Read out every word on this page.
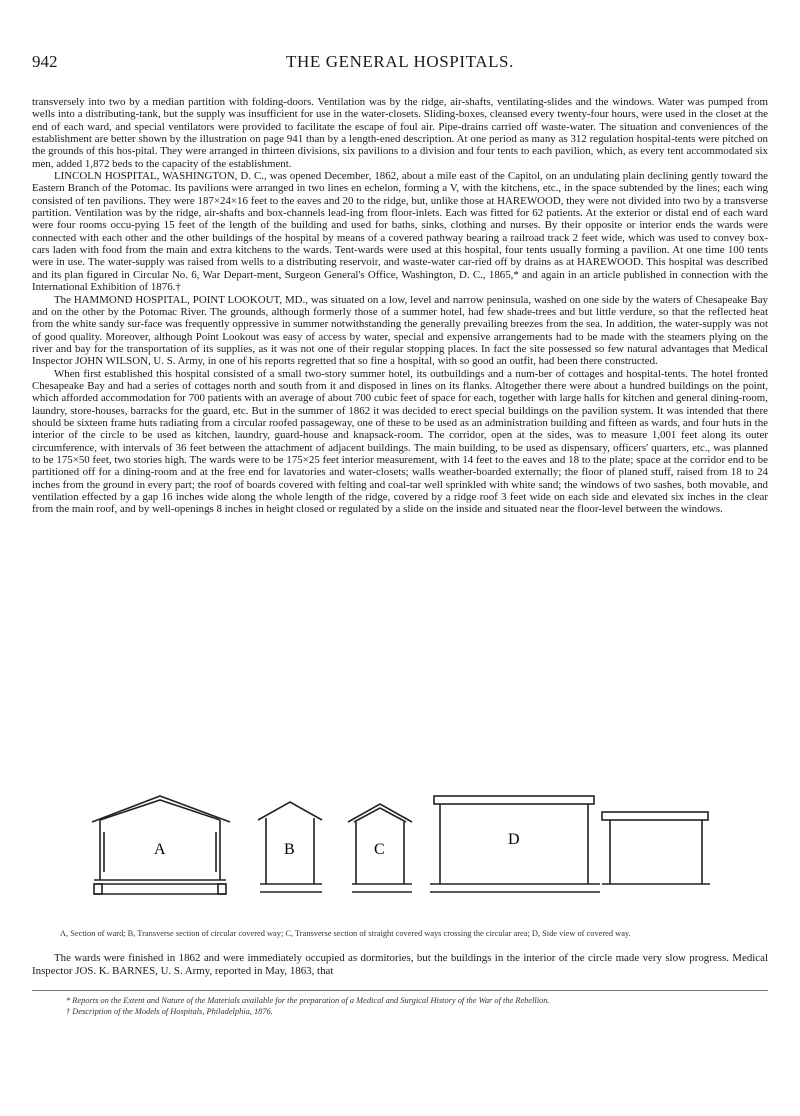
942	THE GENERAL HOSPITALS.

transversely into two by a median partition with folding-doors. Ventilation was by the ridge, air-shafts, ventilating-slides and the windows. Water was pumped from wells into a distributing-tank, but the supply was insufficient for use in the water-closets. Sliding-boxes, cleansed every twenty-four hours, were used in the closet at the end of each ward, and special ventilators were provided to facilitate the escape of foul air. Pipe-drains carried off waste-water. The situation and conveniences of the establishment are better shown by the illustration on page 941 than by a length-ened description. At one period as many as 312 regulation hospital-tents were pitched on the grounds of this hos-pital. They were arranged in thirteen divisions, six pavilions to a division and four tents to each pavilion, which, as every tent accommodated six men, added 1,872 beds to the capacity of the establishment.

LINCOLN HOSPITAL, WASHINGTON, D. C., was opened December, 1862, about a mile east of the Capitol, on an undulating plain declining gently toward the Eastern Branch of the Potomac. Its pavilions were arranged in two lines en echelon, forming a V, with the kitchens, etc., in the space subtended by the lines; each wing consisted of ten pavilions. They were 187×24×16 feet to the eaves and 20 to the ridge, but, unlike those at HAREWOOD, they were not divided into two by a transverse partition. Ventilation was by the ridge, air-shafts and box-channels lead-ing from floor-inlets. Each was fitted for 62 patients. At the exterior or distal end of each ward were four rooms occu-pying 15 feet of the length of the building and used for baths, sinks, clothing and nurses. By their opposite or interior ends the wards were connected with each other and the other buildings of the hospital by means of a covered pathway bearing a railroad track 2 feet wide, which was used to convey box-cars laden with food from the main and extra kitchens to the wards. Tent-wards were used at this hospital, four tents usually forming a pavilion. At one time 100 tents were in use. The water-supply was raised from wells to a distributing reservoir, and waste-water car-ried off by drains as at HAREWOOD. This hospital was described and its plan figured in Circular No. 6, War Depart-ment, Surgeon General's Office, Washington, D. C., 1865,* and again in an article published in connection with the International Exhibition of 1876.†

The HAMMOND HOSPITAL, POINT LOOKOUT, MD., was situated on a low, level and narrow peninsula, washed on one side by the waters of Chesapeake Bay and on the other by the Potomac River. The grounds, although formerly those of a summer hotel, had few shade-trees and but little verdure, so that the reflected heat from the white sandy sur-face was frequently oppressive in summer notwithstanding the generally prevailing breezes from the sea. In addition, the water-supply was not of good quality. Moreover, although Point Lookout was easy of access by water, special and expensive arrangements had to be made with the steamers plying on the river and bay for the transportation of its supplies, as it was not one of their regular stopping places. In fact the site possessed so few natural advantages that Medical Inspector JOHN WILSON, U. S. Army, in one of his reports regretted that so fine a hospital, with so good an outfit, had been there constructed.

When first established this hospital consisted of a small two-story summer hotel, its outbuildings and a num-ber of cottages and hospital-tents. The hotel fronted Chesapeake Bay and had a series of cottages north and south from it and disposed in lines on its flanks. Altogether there were about a hundred buildings on the point, which afforded accommodation for 700 patients with an average of about 700 cubic feet of space for each, together with large halls for kitchen and general dining-room, laundry, store-houses, barracks for the guard, etc. But in the summer of 1862 it was decided to erect special buildings on the pavilion system. It was intended that there should be sixteen frame huts radiating from a circular roofed passageway, one of these to be used as an administration building and fifteen as wards, and four huts in the interior of the circle to be used as kitchen, laundry, guard-house and knapsack-room. The corridor, open at the sides, was to measure 1,001 feet along its outer circumference, with intervals of 36 feet between the attachment of adjacent buildings. The main building, to be used as dispensary, officers' quarters, etc., was planned to be 175×50 feet, two stories high. The wards were to be 175×25 feet interior measurement, with 14 feet to the eaves and 18 to the plate; space at the corridor end to be partitioned off for a dining-room and at the free end for lavatories and water-closets; walls weather-boarded externally; the floor of planed stuff, raised from 18 to 24 inches from the ground in every part; the roof of boards covered with felting and coal-tar well sprinkled with white sand; the windows of two sashes, both movable, and ventilation effected by a gap 16 inches wide along the whole length of the ridge, covered by a ridge roof 3 feet wide on each side and elevated six inches in the clear from the main roof, and by well-openings 8 inches in height closed or regulated by a slide on the inside and situated near the floor-level between the windows.

A	B	C
D
A, Section of ward; B, Transverse section of circular covered way; C, Transverse section of straight covered ways crossing the circular area; D, Side view of covered way.

The wards were finished in 1862 and were immediately occupied as dormitories, but the buildings in the interior of the circle made very slow progress. Medical Inspector JOS. K. BARNES, U. S. Army, reported in May, 1863, that

* Reports on the Extent and Nature of the Materials available for the preparation of a Medical and Surgical History of the War of the Rebellion.
† Description of the Models of Hospitals, Philadelphia, 1876.
